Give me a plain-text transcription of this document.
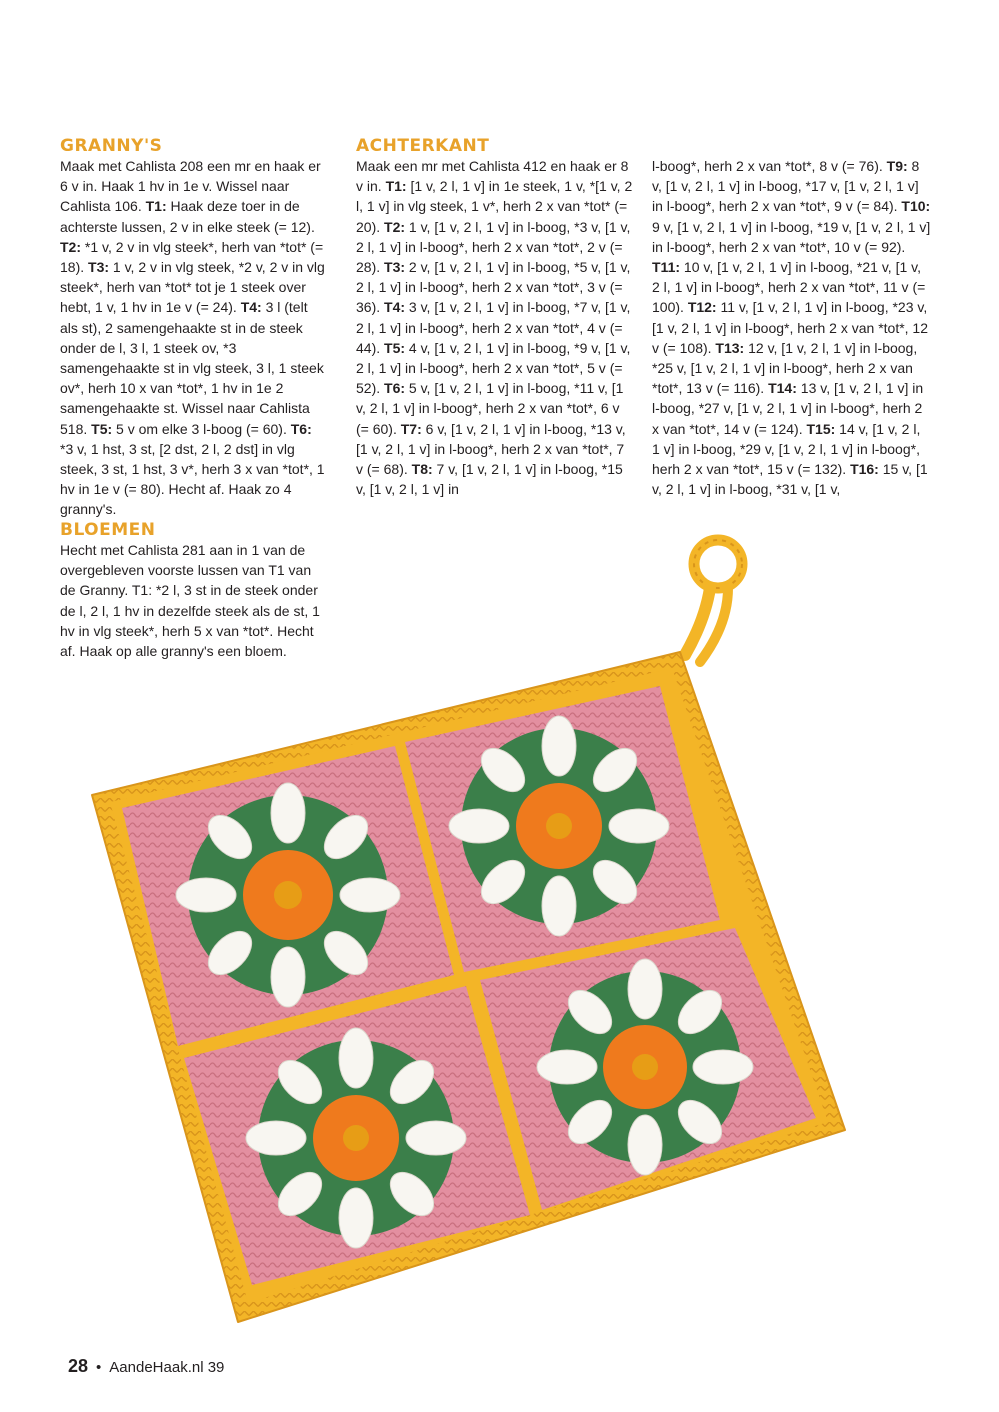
GRANNY'S

Maak met Cahlista 208 een mr en haak er 6 v in. Haak 1 hv in 1e v. Wissel naar Cahlista 106. T1: Haak deze toer in de achterste lussen, 2 v in elke steek (= 12). T2: *1 v, 2 v in vlg steek*, herh van *tot* (= 18). T3: 1 v, 2 v in vlg steek, *2 v, 2 v in vlg steek*, herh van *tot* tot je 1 steek over hebt, 1 v, 1 hv in 1e v (= 24). T4: 3 l (telt als st), 2 samengehaakte st in de steek onder de l, 3 l, 1 steek ov, *3 samengehaakte st in vlg steek, 3 l, 1 steek ov*, herh 10 x van *tot*, 1 hv in 1e 2 samengehaakte st. Wissel naar Cahlista 518. T5: 5 v om elke 3 l-boog (= 60). T6: *3 v, 1 hst, 3 st, [2 dst, 2 l, 2 dst] in vlg steek, 3 st, 1 hst, 3 v*, herh 3 x van *tot*, 1 hv in 1e v (= 80). Hecht af. Haak zo 4 granny's.

BLOEMEN

Hecht met Cahlista 281 aan in 1 van de overgebleven voorste lussen van T1 van de Granny. T1: *2 l, 3 st in de steek onder de l, 2 l, 1 hv in dezelfde steek als de st, 1 hv in vlg steek*, herh 5 x van *tot*. Hecht af. Haak op alle granny's een bloem.

ACHTERKANT

Maak een mr met Cahlista 412 en haak er 8 v in. T1: [1 v, 2 l, 1 v] in 1e steek, 1 v, *[1 v, 2 l, 1 v] in vlg steek, 1 v*, herh 2 x van *tot* (= 20). T2: 1 v, [1 v, 2 l, 1 v] in l-boog, *3 v, [1 v, 2 l, 1 v] in l-boog*, herh 2 x van *tot*, 2 v (= 28). T3: 2 v, [1 v, 2 l, 1 v] in l-boog, *5 v, [1 v, 2 l, 1 v] in l-boog*, herh 2 x van *tot*, 3 v (= 36). T4: 3 v, [1 v, 2 l, 1 v] in l-boog, *7 v, [1 v, 2 l, 1 v] in l-boog*, herh 2 x van *tot*, 4 v (= 44). T5: 4 v, [1 v, 2 l, 1 v] in l-boog, *9 v, [1 v, 2 l, 1 v] in l-boog*, herh 2 x van *tot*, 5 v (= 52). T6: 5 v, [1 v, 2 l, 1 v] in l-boog, *11 v, [1 v, 2 l, 1 v] in l-boog*, herh 2 x van *tot*, 6 v (= 60). T7: 6 v, [1 v, 2 l, 1 v] in l-boog, *13 v, [1 v, 2 l, 1 v] in l-boog*, herh 2 x van *tot*, 7 v (= 68). T8: 7 v, [1 v, 2 l, 1 v] in l-boog, *15 v, [1 v, 2 l, 1 v] in

l-boog*, herh 2 x van *tot*, 8 v (= 76). T9: 8 v, [1 v, 2 l, 1 v] in l-boog, *17 v, [1 v, 2 l, 1 v] in l-boog*, herh 2 x van *tot*, 9 v (= 84). T10: 9 v, [1 v, 2 l, 1 v] in l-boog, *19 v, [1 v, 2 l, 1 v] in l-boog*, herh 2 x van *tot*, 10 v (= 92). T11: 10 v, [1 v, 2 l, 1 v] in l-boog, *21 v, [1 v, 2 l, 1 v] in l-boog*, herh 2 x van *tot*, 11 v (= 100). T12: 11 v, [1 v, 2 l, 1 v] in l-boog, *23 v, [1 v, 2 l, 1 v] in l-boog*, herh 2 x van *tot*, 12 v (= 108). T13: 12 v, [1 v, 2 l, 1 v] in l-boog, *25 v, [1 v, 2 l, 1 v] in l-boog*, herh 2 x van *tot*, 13 v (= 116). T14: 13 v, [1 v, 2 l, 1 v] in l-boog, *27 v, [1 v, 2 l, 1 v] in l-boog*, herh 2 x van *tot*, 14 v (= 124). T15: 14 v, [1 v, 2 l, 1 v] in l-boog, *29 v, [1 v, 2 l, 1 v] in l-boog*, herh 2 x van *tot*, 15 v (= 132). T16: 15 v, [1 v, 2 l, 1 v] in l-boog, *31 v, [1 v,

28 • AandeHaak.nl 39
